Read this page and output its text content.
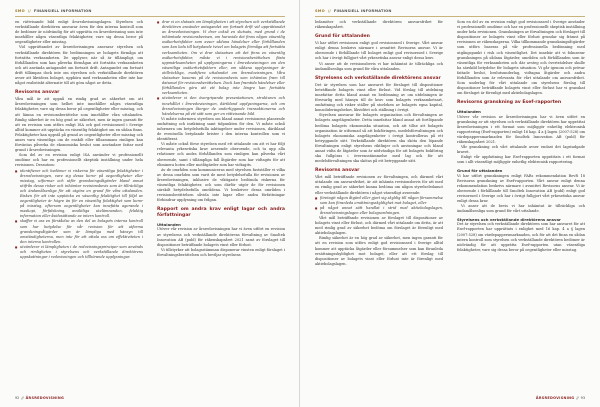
SMO // FINANSIELL INFORMATION

en rättvisande bild enligt årsredovisningslagen. Styrelsen och verkställande direktören ansvarar även för den interna kontroll som de bedömer är nödvändig för att upprätta en årsredovisning som inte innehåller några väsentliga felaktigheter, vare sig dessa beror på oegentligheter eller misstag.

Vid upprättandet av årsredovisningen ansvarar styrelsen och verkställande direktören för bedömningen av bolagets förmåga att fortsätta verksamheten. De upplyser, när så är tillämpligt, om förhållanden som kan påverka förmågan att fortsätta verksamheten och att använda antagandet om fortsatt drift. Antagandet om fortsatt drift tillämpas dock inte om styrelsen och verkställande direktören avser att likvidera bolaget, upphöra med verksamheten eller inte har något realistiskt alternativ till att göra något av detta.

Revisorns ansvar

Våra mål är att uppnå en rimlig grad av säkerhet om att årsredovisningen som helhet inte innehåller några väsentliga felaktigheter, vare sig dessa beror på oegentligheter eller misstag, och att lämna en revisionsberättelse som innehåller våra uttalanden. Rimlig säkerhet är en hög grad av säkerhet, men är ingen garanti för att en revision som utförs enligt ISA och god revisionssed i Sverige alltid kommer att upptäcka en väsentlig felaktighet om en sådan finns. Felaktigheter kan uppstå på grund av oegentligheter eller misstag och anses vara väsentliga om de enskilt eller tillsammans rimligen kan förväntas påverka de ekonomiska beslut som användare fattar med grund i årsredovisningen.

Som del av en revision enligt ISA använder vi professionellt omdöme och har en professionellt skeptisk inställning under hela revisionen. Dessutom:

■ identifierar och bedömer vi riskerna för väsentliga felaktigheter i årsredovisningen, vare sig dessa beror på oegentligheter eller misstag, utformar och utför granskningsåtgärder bland annat utifrån dessa risker och inhämtar revisionsbevis som är tillräckliga och ändamålsenliga för att utgöra en grund för våra uttalanden. Risken för att inte upptäcka en väsentlig felaktighet till följd av oegentligheter är högre än för en väsentlig felaktighet som beror på misstag, eftersom oegentligheter kan innefatta agerande i maskopi, förfalskning, avsiktliga utelämnanden, felaktig information eller åsidosättande av intern kontroll.
■ skaffar vi oss en förståelse av den del av bolagets interna kontroll som har betydelse för vår revision för att utforma granskningsåtgärder som är lämpliga med hänsyn till omständigheterna, men inte för att uttala oss om effektiviteten i den interna kontrollen.
■ utvärderar vi lämpligheten i de redovisningsprinciper som används och rimligheten i styrelsens och verkställande direktörens uppskattningar i redovisningen och tillhörande upplysningar.
■ drar vi en slutsats om lämpligheten i att styrelsen och verkställande direktören använder antagandet om fortsatt drift vid upprättandet av årsredovisningen. Vi drar också en slutsats, med grund i de inhämtade revisionsbevisen, om huruvida det finns någon väsentlig osäkerhetsfaktor som avser sådana händelser eller förhållanden som kan leda till betydande tvivel om bolagets förmåga att fortsätta verksamheten. Om vi drar slutsatsen att det finns en väsentlig osäkerhetsfaktor, måste vi i revisionsberättelsen fästa uppmärksamheten på upplysningarna i årsredovisningen om den väsentliga osäkerhetsfaktorn eller, om sådana upplysningar är otillräckliga, modifiera uttalandet om årsredovisningen. Våra slutsatser baseras på de revisionsbevis som inhämtas fram till datumet för revisionsberättelsen. Dock kan framtida händelser eller förhållanden göra att ett bolag inte längre kan fortsätta verksamheten.
■ utvärderar vi den övergripande presentationen, strukturen och innehållet i årsredovisningen, däribland upplysningarna, och om årsredovisningen återger de underliggande transaktionerna och händelserna på ett sätt som ger en rättvisande bild.

Vi måste informera styrelsen om bland annat revisionens planerade omfattning och inriktning samt tidpunkten för den. Vi måste också informera om betydelsefulla iakttagelser under revisionen, däribland de eventuella betydande brister i den interna kontrollen som vi identifierat.

Vi måste också förse styrelsen med ett uttalande om att vi har följt relevanta yrkesetiska krav avseende oberoende, och ta upp alla relationer och andra förhållanden som rimligen kan påverka vårt oberoende, samt i tillämpliga fall åtgärder som har vidtagits för att eliminera hoten eller motåtgärder som har vidtagits.

Av de områden som kommuniceras med styrelsen fastställer vi vilka av dessa områden som varit de mest betydelsefulla för revisionen av årsredovisningen, inklusive de viktigaste bedömda riskerna för väsentliga felaktigheter, och som därför utgör de för revisionen särskilt betydelsefulla områdena. Vi beskriver dessa områden i revisionsberättelsen såvida inte lagar eller andra författningar förhindrar upplysning om frågan.

Rapport om andra krav enligt lagar och andra författningar
Uttalanden

Utöver vår revision av årsredovisningen har vi även utfört en revision av styrelsens och verkställande direktörens förvaltning av Smoltek Innovation AB (publ) för räkenskapsåret 2021 samt av förslaget till dispositioner beträffande bolagets vinst eller förlust.

Vi tillstyrker att bolagsstämman disponerar vinsten enligt förslaget i förvaltningsberättelsen och beviljar styrelsens

92 // ÅRSREDOVISNING
SMO // FINANSIELL INFORMATION

ledamöter och verkställande direktören ansvarsfrihet för räkenskapsåret.

Grund för uttalanden

Vi har utfört revisionen enligt god revisionssed i Sverige. Vårt ansvar enligt denna beskrivs närmare i avsnittet Revisorns ansvar. Vi är oberoende i förhållande till bolaget enligt god revisorssed i Sverige och har i övrigt fullgjort vårt yrkesetiska ansvar enligt dessa krav.

Vi anser att de revisionsbevis vi har inhämtat är tillräckliga och ändamålsenliga som grund för våra uttalanden.

Styrelsens och verkställande direktörens ansvar

Det är styrelsen som har ansvaret för förslaget till dispositioner beträffande bolagets vinst eller förlust. Vid förslag till utdelning innefattar detta bland annat en bedömning av om utdelningen är försvarlig med hänsyn till de krav som bolagets verksamhetsart, omfattning och risker ställer på storleken av bolagets egna kapital, konsolideringsbehov, likviditet och ställning i övrigt.

Styrelsen ansvarar för bolagets organisation och förvaltningen av bolagets angelägenheter. Detta innefattar bland annat att fortlöpande bedöma bolagets ekonomiska situation, och att tillse att bolagets organisation är utformad så att bokföringen, medelsförvaltningen och bolagets ekonomiska angelägenheter i övrigt kontrolleras på ett betryggande sätt. Verkställande direktören ska sköta den löpande förvaltningen enligt styrelsens riktlinjer och anvisningar och bland annat vidta de åtgärder som är nödvändiga för att bolagets bokföring ska fullgöras i överensstämmelse med lag och för att medelsförvaltningen ska skötas på ett betryggande sätt.

Revisorns ansvar

Vårt mål beträffande revisionen av förvaltningen, och därmed vårt uttalande om ansvarsfrihet, är att inhämta revisionsbevis för att med en rimlig grad av säkerhet kunna bedöma om någon styrelseledamot eller verkställande direktören i något väsentligt avseende:

■ företagit någon åtgärd eller gjort sig skyldig till någon försummelse som kan föranleda ersättningsskyldighet mot bolaget, eller
■ på något annat sätt handlat i strid med aktiebolagslagen, årsredovisningslagen eller bolagsordningen.

Vårt mål beträffande revisionen av förslaget till dispositioner av bolagets vinst eller förlust, och därmed vårt uttalande om detta, är att med rimlig grad av säkerhet bedöma om förslaget är förenligt med aktiebolagslagen.

Rimlig säkerhet är en hög grad av säkerhet, men ingen garanti för att en revision som utförs enligt god revisionssed i Sverige alltid kommer att upptäcka åtgärder eller försummelser som kan föranleda ersättningsskyldighet mot bolaget, eller att ett förslag till dispositioner av bolagets vinst eller förlust inte är förenligt med aktiebolagslagen.

Som en del av en revision enligt god revisionssed i Sverige använder vi professionellt omdöme och har en professionellt skeptisk inställning under hela revisionen. Granskningen av förvaltningen och förslaget till dispositioner av bolagets vinst eller förlust grundar sig främst på revisionen av räkenskaperna. Vilka tillkommande granskningsåtgärder som utförs baseras på vår professionella bedömning med utgångspunkt i risk och väsentlighet. Det innebär att vi fokuserar granskningen på sådana åtgärder, områden och förhållanden som är väsentliga för verksamheten och där avsteg och överträdelser skulle ha särskild betydelse för bolagets situation. Vi går igenom och prövar fattade beslut, beslutsunderlag, vidtagna åtgärder och andra förhållanden som är relevanta för vårt uttalande om ansvarsfrihet. Som underlag för vårt uttalande om styrelsens förslag till dispositioner beträffande bolagets vinst eller förlust har vi granskat om förslaget är förenligt med aktiebolagslagen.

Revisorns granskning av Esef-rapporten
Uttalanden

Utöver vår revision av årsredovisningen har vi även utfört en granskning av att styrelsen och verkställande direktören har upprättat årsredovisningen i ett format som möjliggör enhetlig elektronisk rapportering (Esef-rapporten) enligt 16 kap. 4 a § lagen (2007:528) om värdepappersmarknaden för Smoltek Innovation AB (publ) för räkenskapsåret 2021.

Vår granskning och vårt uttalande avser endast det lagstadgade kravet.

Enligt vår uppfattning har Esef-rapporten upprättats i ett format som i allt väsentligt möjliggör enhetlig elektronisk rapportering.

Grund för uttalanden

Vi har utfört granskningen enligt FARs rekommendation RevR 18 Revisorns granskning av Esef-rapporten. Vårt ansvar enligt denna rekommendation beskrivs närmare i avsnittet Revisorns ansvar. Vi är oberoende i förhållande till Smoltek Innovation AB (publ) enligt god revisorssed i Sverige och har i övrigt fullgjort vårt yrkesetiska ansvar enligt dessa krav.

Vi anser att de bevis vi har inhämtat är tillräckliga och ändamålsenliga som grund för vårt uttalande.

Styrelsens och verkställande direktörens ansvar

Det är styrelsen och verkställande direktören som har ansvaret för att Esef-rapporten har upprättats i enlighet med 16 kap. 4 a § lagen (2007:528) om värdepappersmarknaden, och för att det finns en sådan intern kontroll som styrelsen och verkställande direktören bedömer är nödvändig för att upprätta Esef-rapporten utan väsentliga felaktigheter, vare sig dessa beror på oegentligheter eller misstag.

ÅRSREDOVISNING // 93
